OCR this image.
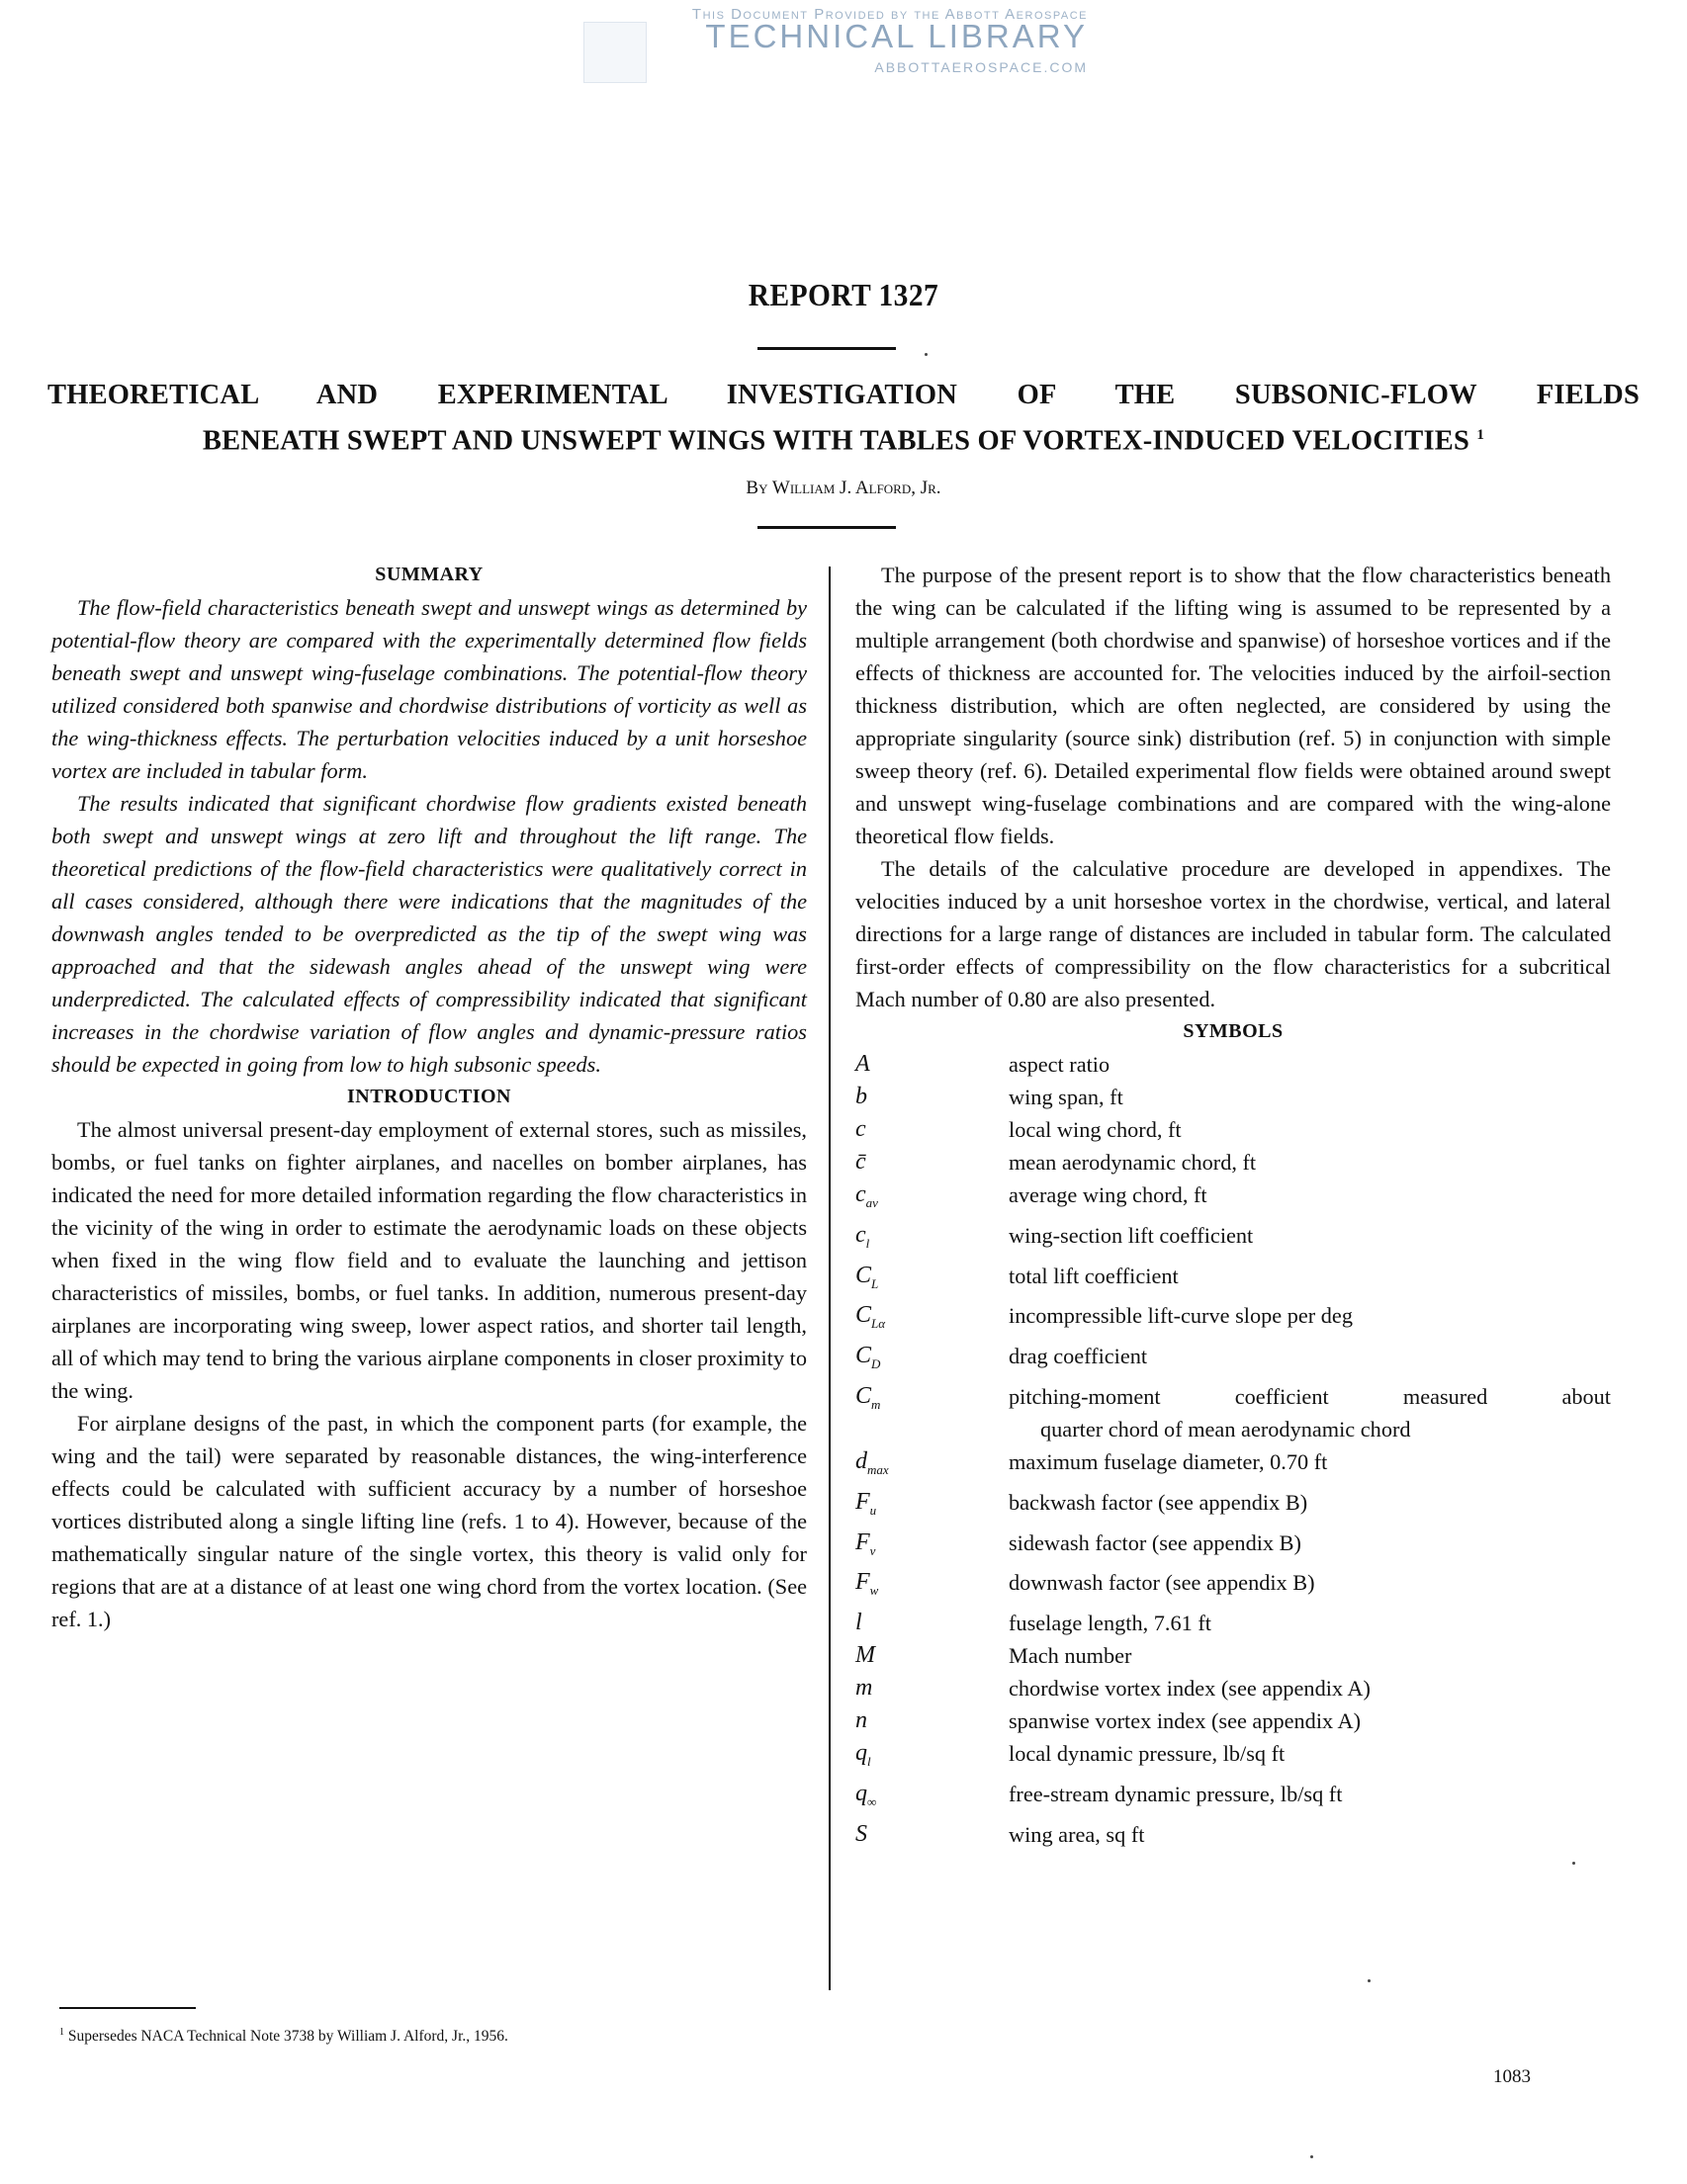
This Document Provided by the Abbott Aerospace
TECHNICAL LIBRARY
ABBOTTAEROSPACE.COM
REPORT 1327
THEORETICAL AND EXPERIMENTAL INVESTIGATION OF THE SUBSONIC-FLOW FIELDS
BENEATH SWEPT AND UNSWEPT WINGS WITH TABLES OF VORTEX-INDUCED VELOCITIES $^1$
By William J. Alford, Jr.
SUMMARY

The flow-field characteristics beneath swept and unswept wings as determined by potential-flow theory are compared with the experimentally determined flow fields beneath swept and unswept wing-fuselage combinations. The potential-flow theory utilized considered both spanwise and chordwise distributions of vorticity as well as the wing-thickness effects. The perturbation velocities induced by a unit horseshoe vortex are included in tabular form.

The results indicated that significant chordwise flow gradients existed beneath both swept and unswept wings at zero lift and throughout the lift range. The theoretical predictions of the flow-field characteristics were qualitatively correct in all cases considered, although there were indications that the magnitudes of the downwash angles tended to be overpredicted as the tip of the swept wing was approached and that the sidewash angles ahead of the unswept wing were underpredicted. The calculated effects of compressibility indicated that significant increases in the chordwise variation of flow angles and dynamic-pressure ratios should be expected in going from low to high subsonic speeds.

INTRODUCTION

The almost universal present-day employment of external stores, such as missiles, bombs, or fuel tanks on fighter airplanes, and nacelles on bomber airplanes, has indicated the need for more detailed information regarding the flow characteristics in the vicinity of the wing in order to estimate the aerodynamic loads on these objects when fixed in the wing flow field and to evaluate the launching and jettison characteristics of missiles, bombs, or fuel tanks. In addition, numerous present-day airplanes are incorporating wing sweep, lower aspect ratios, and shorter tail length, all of which may tend to bring the various airplane components in closer proximity to the wing.

For airplane designs of the past, in which the component parts (for example, the wing and the tail) were separated by reasonable distances, the wing-interference effects could be calculated with sufficient accuracy by a number of horseshoe vortices distributed along a single lifting line (refs. 1 to 4). However, because of the mathematically singular nature of the single vortex, this theory is valid only for regions that are at a distance of at least one wing chord from the vortex location. (See ref. 1.)

The purpose of the present report is to show that the flow characteristics beneath the wing can be calculated if the lifting wing is assumed to be represented by a multiple arrangement (both chordwise and spanwise) of horseshoe vortices and if the effects of thickness are accounted for. The velocities induced by the airfoil-section thickness distribution, which are often neglected, are considered by using the appropriate singularity (source sink) distribution (ref. 5) in conjunction with simple sweep theory (ref. 6). Detailed experimental flow fields were obtained around swept and unswept wing-fuselage combinations and are compared with the wing-alone theoretical flow fields.

The details of the calculative procedure are developed in appendixes. The velocities induced by a unit horseshoe vortex in the chordwise, vertical, and lateral directions for a large range of distances are included in tabular form. The calculated first-order effects of compressibility on the flow characteristics for a subcritical Mach number of 0.80 are also presented.

SYMBOLS
A	aspect ratio
b	wing span, ft
c	local wing chord, ft
c̄	mean aerodynamic chord, ft
$c_{av}$	average wing chord, ft
$c_l$	wing-section lift coefficient
$C_L$	total lift coefficient
$C_{L\alpha}$	incompressible lift-curve slope per deg
$C_D$	drag coefficient
$C_m$	pitching-moment coefficient measured about
quarter chord of mean aerodynamic chord
$d_{max}$	maximum fuselage diameter, 0.70 ft
$F_u$	backwash factor (see appendix B)
$F_v$	sidewash factor (see appendix B)
$F_w$	downwash factor (see appendix B)
l	fuselage length, 7.61 ft
M	Mach number
m	chordwise vortex index (see appendix A)
n	spanwise vortex index (see appendix A)
$q_l$	local dynamic pressure, lb/sq ft
$q_\infty$	free-stream dynamic pressure, lb/sq ft
S	wing area, sq ft
$^1$ Supersedes NACA Technical Note 3738 by William J. Alford, Jr., 1956.
1083
